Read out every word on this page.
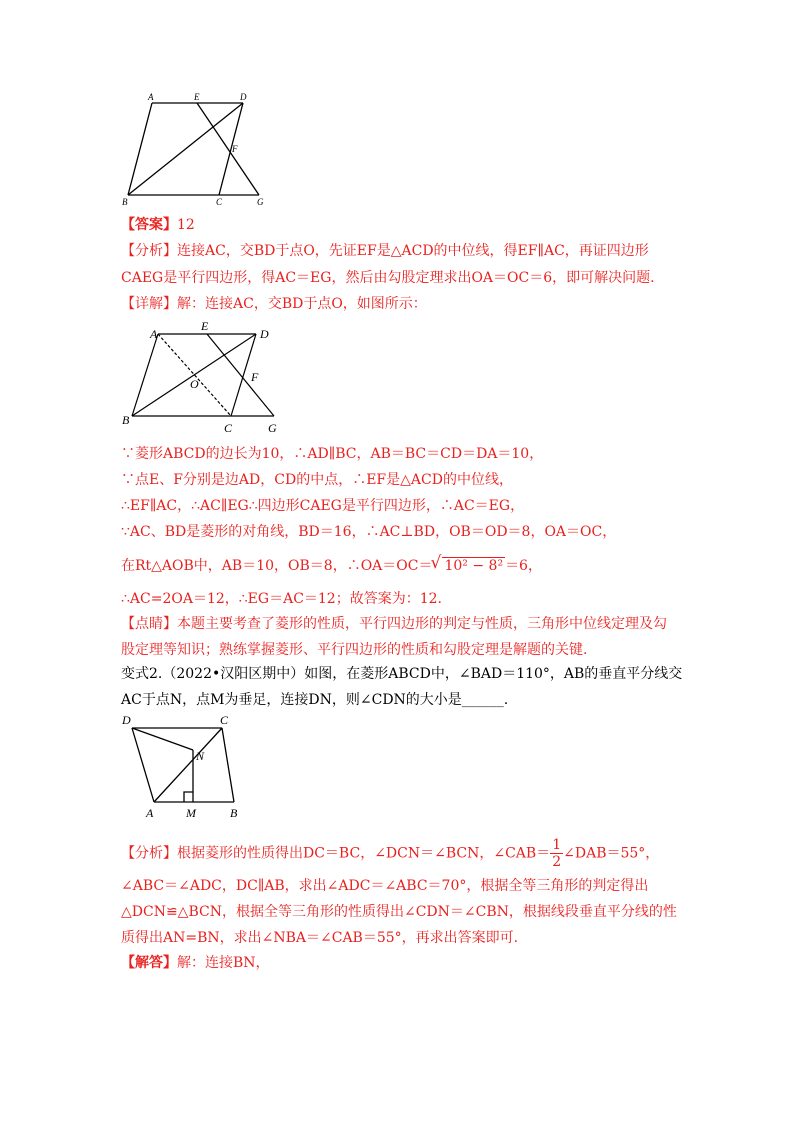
A	E	D
F
B	C	G
【答案】12
【分析】连接AC，交BD于点O，先证EF是△ACD的中位线，得EF∥AC，再证四边形
CAEG是平行四边形，得AC＝EG，然后由勾股定理求出OA＝OC＝6，即可解决问题.
【详解】解：连接AC，交BD于点O，如图所示：
A
E
D
O	F
B
C	G
∵菱形ABCD的边长为10，∴AD∥BC，AB＝BC＝CD＝DA＝10，
∵点E、F分别是边AD，CD的中点，∴EF是△ACD的中位线，
∴EF∥AC，∴AC∥EG∴四边形CAEG是平行四边形，∴AC＝EG，
∵AC、BD是菱形的对角线，BD＝16，∴AC⊥BD，OB＝OD＝8，OA＝OC，
在Rt△AOB中，AB＝10，OB＝8，∴OA＝OC＝√ 10² − 8² ＝6，
∴AC=2OA＝12，∴EG＝AC＝12；故答案为：12.
【点睛】本题主要考查了菱形的性质，平行四边形的判定与性质，三角形中位线定理及勾
股定理等知识；熟练掌握菱形、平行四边形的性质和勾股定理是解题的关键.
变式2.（2022•汉阳区期中）如图，在菱形ABCD中，∠BAD＝110°，AB的垂直平分线交
AC于点N，点M为垂足，连接DN，则∠CDN的大小是______.
D	C
N
A	M	B
【分析】根据菱形的性质得出DC＝BC，∠DCN＝∠BCN，∠CAB＝ $\frac{1}{2}$ ∠DAB＝55°，
∠ABC＝∠ADC，DC∥AB，求出∠ADC＝∠ABC＝70°，根据全等三角形的判定得出
△DCN≌△BCN，根据全等三角形的性质得出∠CDN＝∠CBN，根据线段垂直平分线的性
质得出AN=BN，求出∠NBA＝∠CAB＝55°，再求出答案即可.
【解答】解：连接BN，
